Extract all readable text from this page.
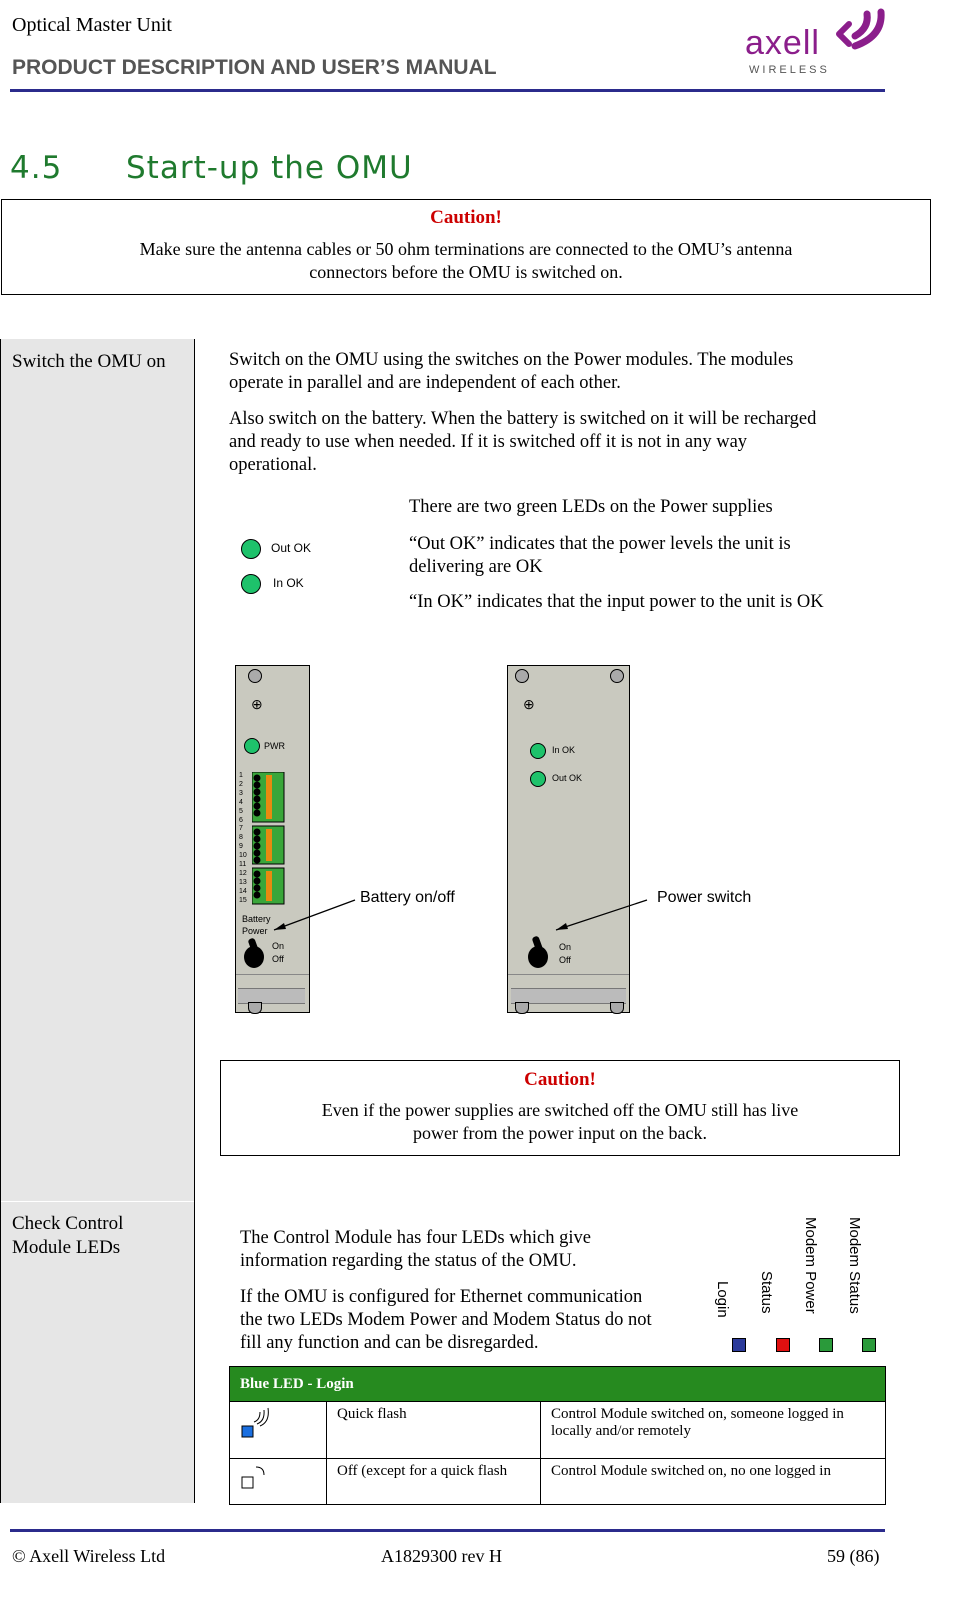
Optical Master Unit
PRODUCT DESCRIPTION AND USER’S MANUAL
axell
WIRELESS
4.5 Start-up the OMU
Caution!
Make sure the antenna cables or 50 ohm terminations are connected to the OMU’s antenna
connectors before the OMU is switched on.
Switch the OMU on
Check Control
Module LEDs
Switch on the OMU using the switches on the Power modules. The modules
operate in parallel and are independent of each other.
Also switch on the battery. When the battery is switched on it will be recharged
and ready to use when needed. If it is switched off it is not in any way
operational.
Out OK
In OK
There are two green LEDs on the Power supplies
“Out OK” indicates that the power levels the unit is
delivering are OK
“In OK” indicates that the input power to the unit is OK
⊕
PWR
1
2
3
4
5
6
7
8
9
10
11
12
13
14
15
Battery
Power
On
Off
⊕
In OK
Out OK
On
Off
Battery on/off	Power switch
Caution!
Even if the power supplies are switched off the OMU still has live
power from the power input on the back.
The Control Module has four LEDs which give
information regarding the status of the OMU.
If the OMU is configured for Ethernet communication
the two LEDs Modem Power and Modem Status do not
fill any function and can be disregarded.
Login Status Modem Power Modem Status
Blue LED - Login		
	Quick flash	Control Module switched on, someone logged in
locally and/or remotely

	Off (except for a quick flash	Control Module switched on, no one logged in
© Axell Wireless Ltd	A1829300 rev H	59 (86)
